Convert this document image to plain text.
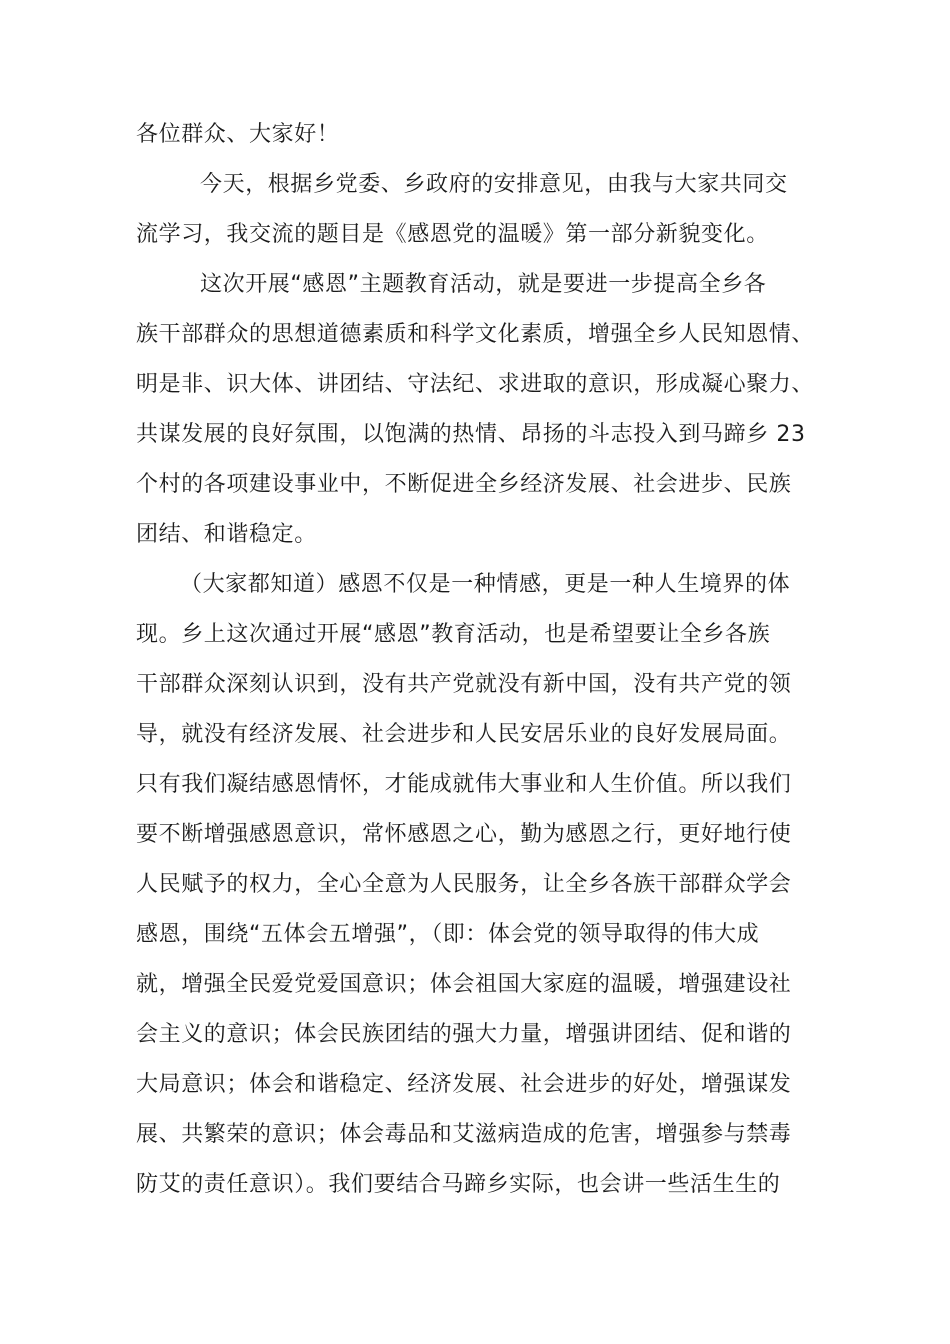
各位群众、大家好！
今天，根据乡党委、乡政府的安排意见，由我与大家共同交
流学习，我交流的题目是《感恩党的温暖》第一部分新貌变化。
这次开展“感恩”主题教育活动，就是要进一步提高全乡各
族干部群众的思想道德素质和科学文化素质，增强全乡人民知恩情、
明是非、识大体、讲团结、守法纪、求进取的意识，形成凝心聚力、
共谋发展的良好氛围，以饱满的热情、昂扬的斗志投入到马蹄乡 23
个村的各项建设事业中，不断促进全乡经济发展、社会进步、民族
团结、和谐稳定。
（大家都知道）感恩不仅是一种情感，更是一种人生境界的体
现。乡上这次通过开展“感恩”教育活动，也是希望要让全乡各族
干部群众深刻认识到，没有共产党就没有新中国，没有共产党的领
导，就没有经济发展、社会进步和人民安居乐业的良好发展局面。
只有我们凝结感恩情怀，才能成就伟大事业和人生价值。所以我们
要不断增强感恩意识，常怀感恩之心，勤为感恩之行，更好地行使
人民赋予的权力，全心全意为人民服务，让全乡各族干部群众学会
感恩，围绕“五体会五增强”，（即：体会党的领导取得的伟大成
就，增强全民爱党爱国意识；体会祖国大家庭的温暖，增强建设社
会主义的意识；体会民族团结的强大力量，增强讲团结、促和谐的
大局意识；体会和谐稳定、经济发展、社会进步的好处，增强谋发
展、共繁荣的意识；体会毒品和艾滋病造成的危害，增强参与禁毒
防艾的责任意识）。我们要结合马蹄乡实际，也会讲一些活生生的
